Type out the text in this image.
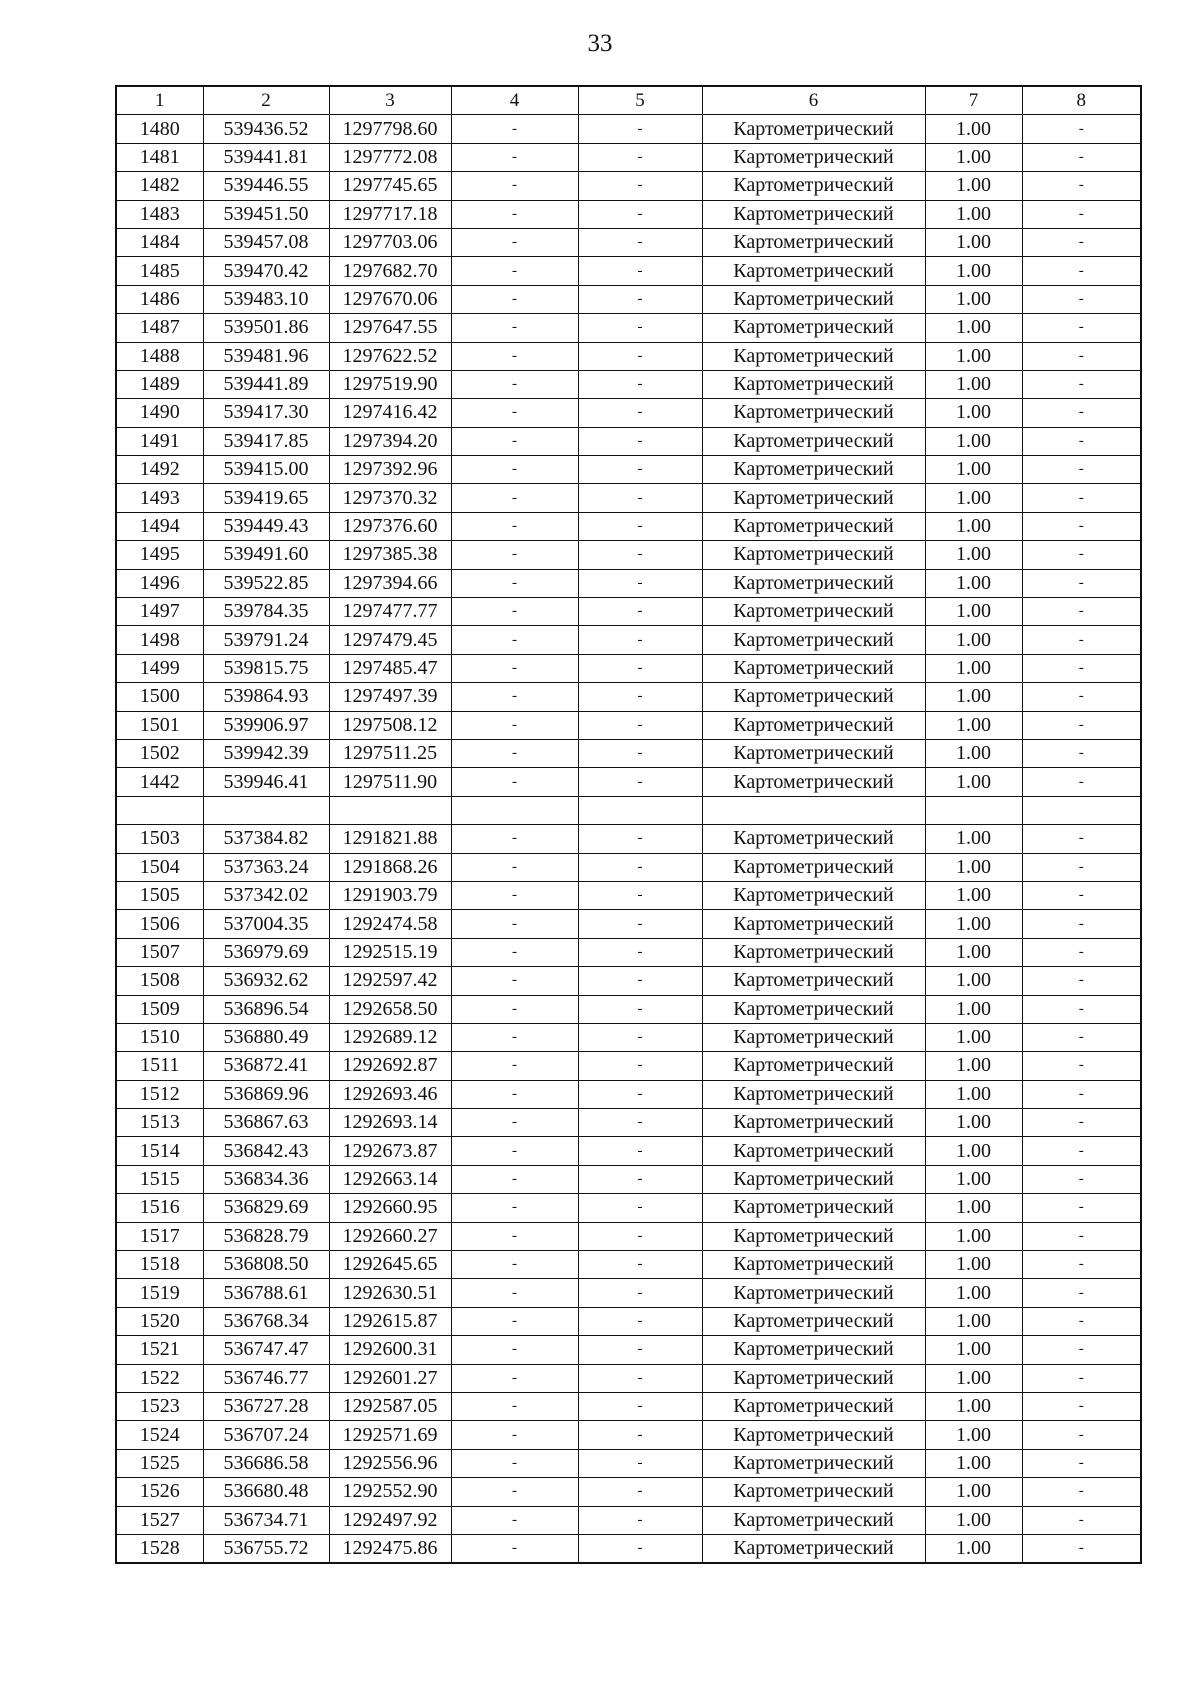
33
1	2	3	4	5	6	7	8
1480	539436.52	1297798.60	-	-	Картометрический	1.00	-
1481	539441.81	1297772.08	-	-	Картометрический	1.00	-
1482	539446.55	1297745.65	-	-	Картометрический	1.00	-
1483	539451.50	1297717.18	-	-	Картометрический	1.00	-
1484	539457.08	1297703.06	-	-	Картометрический	1.00	-
1485	539470.42	1297682.70	-	-	Картометрический	1.00	-
1486	539483.10	1297670.06	-	-	Картометрический	1.00	-
1487	539501.86	1297647.55	-	-	Картометрический	1.00	-
1488	539481.96	1297622.52	-	-	Картометрический	1.00	-
1489	539441.89	1297519.90	-	-	Картометрический	1.00	-
1490	539417.30	1297416.42	-	-	Картометрический	1.00	-
1491	539417.85	1297394.20	-	-	Картометрический	1.00	-
1492	539415.00	1297392.96	-	-	Картометрический	1.00	-
1493	539419.65	1297370.32	-	-	Картометрический	1.00	-
1494	539449.43	1297376.60	-	-	Картометрический	1.00	-
1495	539491.60	1297385.38	-	-	Картометрический	1.00	-
1496	539522.85	1297394.66	-	-	Картометрический	1.00	-
1497	539784.35	1297477.77	-	-	Картометрический	1.00	-
1498	539791.24	1297479.45	-	-	Картометрический	1.00	-
1499	539815.75	1297485.47	-	-	Картометрический	1.00	-
1500	539864.93	1297497.39	-	-	Картометрический	1.00	-
1501	539906.97	1297508.12	-	-	Картометрический	1.00	-
1502	539942.39	1297511.25	-	-	Картометрический	1.00	-
1442	539946.41	1297511.90	-	-	Картометрический	1.00	-

1503	537384.82	1291821.88	-	-	Картометрический	1.00	-
1504	537363.24	1291868.26	-	-	Картометрический	1.00	-
1505	537342.02	1291903.79	-	-	Картометрический	1.00	-
1506	537004.35	1292474.58	-	-	Картометрический	1.00	-
1507	536979.69	1292515.19	-	-	Картометрический	1.00	-
1508	536932.62	1292597.42	-	-	Картометрический	1.00	-
1509	536896.54	1292658.50	-	-	Картометрический	1.00	-
1510	536880.49	1292689.12	-	-	Картометрический	1.00	-
1511	536872.41	1292692.87	-	-	Картометрический	1.00	-
1512	536869.96	1292693.46	-	-	Картометрический	1.00	-
1513	536867.63	1292693.14	-	-	Картометрический	1.00	-
1514	536842.43	1292673.87	-	-	Картометрический	1.00	-
1515	536834.36	1292663.14	-	-	Картометрический	1.00	-
1516	536829.69	1292660.95	-	-	Картометрический	1.00	-
1517	536828.79	1292660.27	-	-	Картометрический	1.00	-
1518	536808.50	1292645.65	-	-	Картометрический	1.00	-
1519	536788.61	1292630.51	-	-	Картометрический	1.00	-
1520	536768.34	1292615.87	-	-	Картометрический	1.00	-
1521	536747.47	1292600.31	-	-	Картометрический	1.00	-
1522	536746.77	1292601.27	-	-	Картометрический	1.00	-
1523	536727.28	1292587.05	-	-	Картометрический	1.00	-
1524	536707.24	1292571.69	-	-	Картометрический	1.00	-
1525	536686.58	1292556.96	-	-	Картометрический	1.00	-
1526	536680.48	1292552.90	-	-	Картометрический	1.00	-
1527	536734.71	1292497.92	-	-	Картометрический	1.00	-
1528	536755.72	1292475.86	-	-	Картометрический	1.00	-
